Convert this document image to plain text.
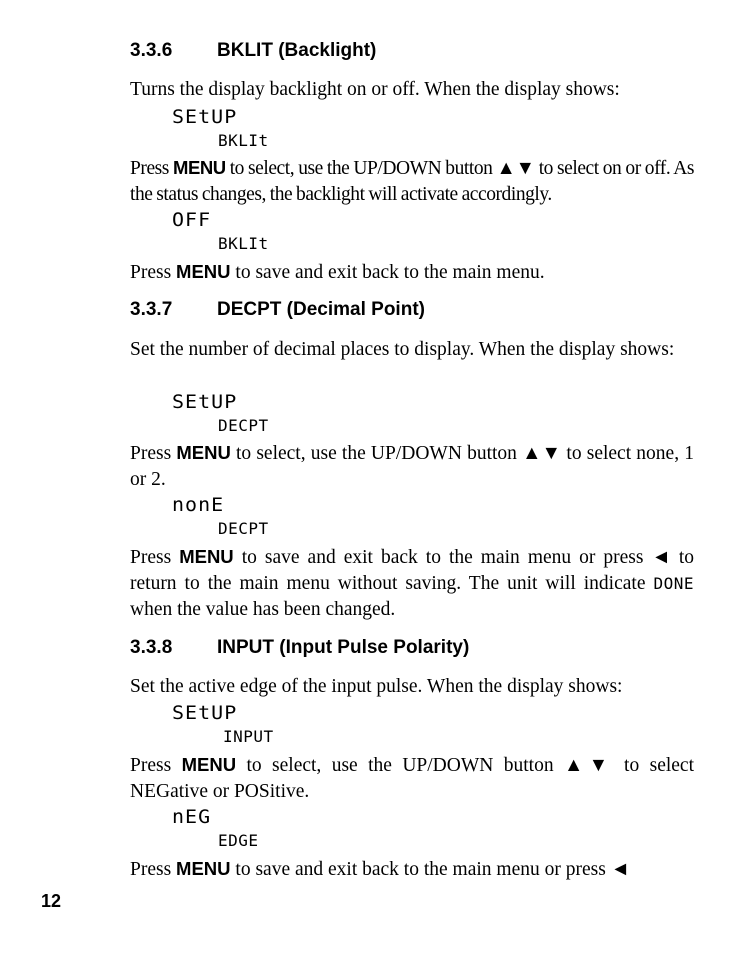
3.3.6 BKLIT (Backlight)

Turns the display backlight on or off. When the display shows:

SEtUP
BKLIt

Press MENU to select, use the UP/DOWN button ▲▼ to select on or off. As the status changes, the backlight will activate accordingly.

OFF
BKLIt

Press MENU to save and exit back to the main menu.

3.3.7 DECPT (Decimal Point)

Set the number of decimal places to display. When the display shows:

SEtUP
DECPT

Press MENU to select, use the UP/DOWN button ▲▼ to select none, 1 or 2.

nonE
DECPT

Press MENU to save and exit back to the main menu or press ◄ to return to the main menu without saving. The unit will indicate DONE when the value has been changed.

3.3.8 INPUT (Input Pulse Polarity)

Set the active edge of the input pulse. When the display shows:

SEtUP
INPUT

Press MENU to select, use the UP/DOWN button ▲▼ to select NEGative or POSitive.

nEG
EDGE

Press MENU to save and exit back to the main menu or press ◄

12
